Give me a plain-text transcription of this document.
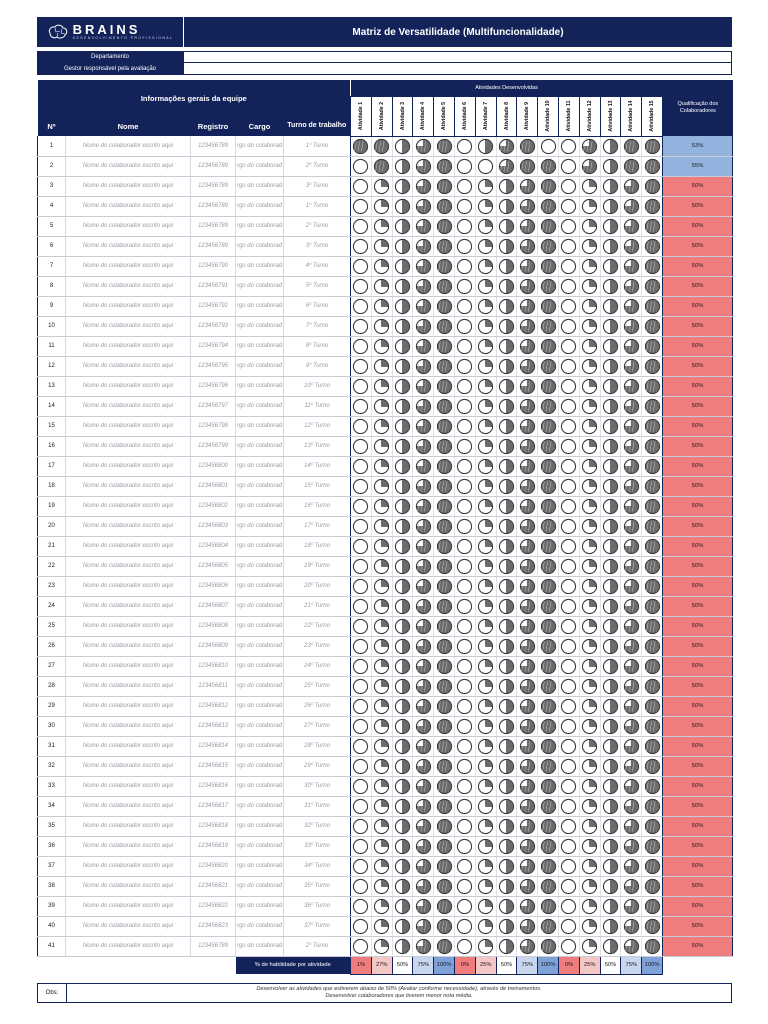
BRAINS
DESENVOLVIMENTO PROFISSIONAL	Matriz de Versatilidade (Multifuncionalidade)
Departamento
Gestor responsável pela avaliação
Informações gerais da equipe					Atividades Desenvolvidas															Qualificação dos Colaboradores

					Atividade 1	Atividade 2	Atividade 3	Atividade 4	Atividade 5	Atividade 6	Atividade 7	Atividade 8	Atividade 9	Atividade 10	Atividade 11	Atividade 12	Atividade 13	Atividade 14	Atividade 15	

Nº	Nome	Registro	Cargo	Turno de trabalho																
1	Nome do colaborador escrito aqui	123456789	rgo do colaborad	1º Turno																53%
2	Nome do colaborador escrito aqui	123456789	rgo do colaborad	2º Turno																55%
3	Nome do colaborador escrito aqui	123456789	rgo do colaborad	3º Turno																50%
4	Nome do colaborador escrito aqui	123456789	rgo do colaborad	1º Turno																50%
5	Nome do colaborador escrito aqui	123456789	rgo do colaborad	2º Turno																50%
6	Nome do colaborador escrito aqui	123456789	rgo do colaborad	3º Turno																50%
7	Nome do colaborador escrito aqui	123456790	rgo do colaborad	4º Turno																50%
8	Nome do colaborador escrito aqui	123456791	rgo do colaborad	5º Turno																50%
9	Nome do colaborador escrito aqui	123456792	rgo do colaborad	6º Turno																50%
10	Nome do colaborador escrito aqui	123456793	rgo do colaborad	7º Turno																50%
11	Nome do colaborador escrito aqui	123456794	rgo do colaborad	8º Turno																50%
12	Nome do colaborador escrito aqui	123456795	rgo do colaborad	9º Turno																50%
13	Nome do colaborador escrito aqui	123456796	rgo do colaborad	10º Turno																50%
14	Nome do colaborador escrito aqui	123456797	rgo do colaborad	11º Turno																50%
15	Nome do colaborador escrito aqui	123456798	rgo do colaborad	12º Turno																50%
16	Nome do colaborador escrito aqui	123456799	rgo do colaborad	13º Turno																50%
17	Nome do colaborador escrito aqui	123456800	rgo do colaborad	14º Turno																50%
18	Nome do colaborador escrito aqui	123456801	rgo do colaborad	15º Turno																50%
19	Nome do colaborador escrito aqui	123456802	rgo do colaborad	16º Turno																50%
20	Nome do colaborador escrito aqui	123456803	rgo do colaborad	17º Turno																50%
21	Nome do colaborador escrito aqui	123456804	rgo do colaborad	18º Turno																50%
22	Nome do colaborador escrito aqui	123456805	rgo do colaborad	19º Turno																50%
23	Nome do colaborador escrito aqui	123456806	rgo do colaborad	20º Turno																50%
24	Nome do colaborador escrito aqui	123456807	rgo do colaborad	21º Turno																50%
25	Nome do colaborador escrito aqui	123456808	rgo do colaborad	22º Turno																50%
26	Nome do colaborador escrito aqui	123456809	rgo do colaborad	23º Turno																50%
27	Nome do colaborador escrito aqui	123456810	rgo do colaborad	24º Turno																50%
28	Nome do colaborador escrito aqui	123456811	rgo do colaborad	25º Turno																50%
29	Nome do colaborador escrito aqui	123456812	rgo do colaborad	26º Turno																50%
30	Nome do colaborador escrito aqui	123456813	rgo do colaborad	27º Turno																50%
31	Nome do colaborador escrito aqui	123456814	rgo do colaborad	28º Turno																50%
32	Nome do colaborador escrito aqui	123456815	rgo do colaborad	29º Turno																50%
33	Nome do colaborador escrito aqui	123456816	rgo do colaborad	30º Turno																50%
34	Nome do colaborador escrito aqui	123456817	rgo do colaborad	31º Turno																50%
35	Nome do colaborador escrito aqui	123456818	rgo do colaborad	32º Turno																50%
36	Nome do colaborador escrito aqui	123456819	rgo do colaborad	33º Turno																50%
37	Nome do colaborador escrito aqui	123456820	rgo do colaborad	34º Turno																50%
38	Nome do colaborador escrito aqui	123456821	rgo do colaborad	35º Turno																50%
39	Nome do colaborador escrito aqui	123456822	rgo do colaborad	36º Turno																50%
40	Nome do colaborador escrito aqui	123456823	rgo do colaborad	37º Turno																50%
41	Nome do colaborador escrito aqui	123456789	rgo do colaborad	2º Turno																50%
			% de habilidade por atividade		1%	27%	50%	75%	100%	0%	25%	50%	75%	100%	0%	25%	50%	75%	100%	
Obs:
Desenvolver as atividades que estiverem abaixo de 50% (Avaliar conforme necessidade), através de treinamentos.
Desenvolver colaboradores que tiverem menor nota média.
